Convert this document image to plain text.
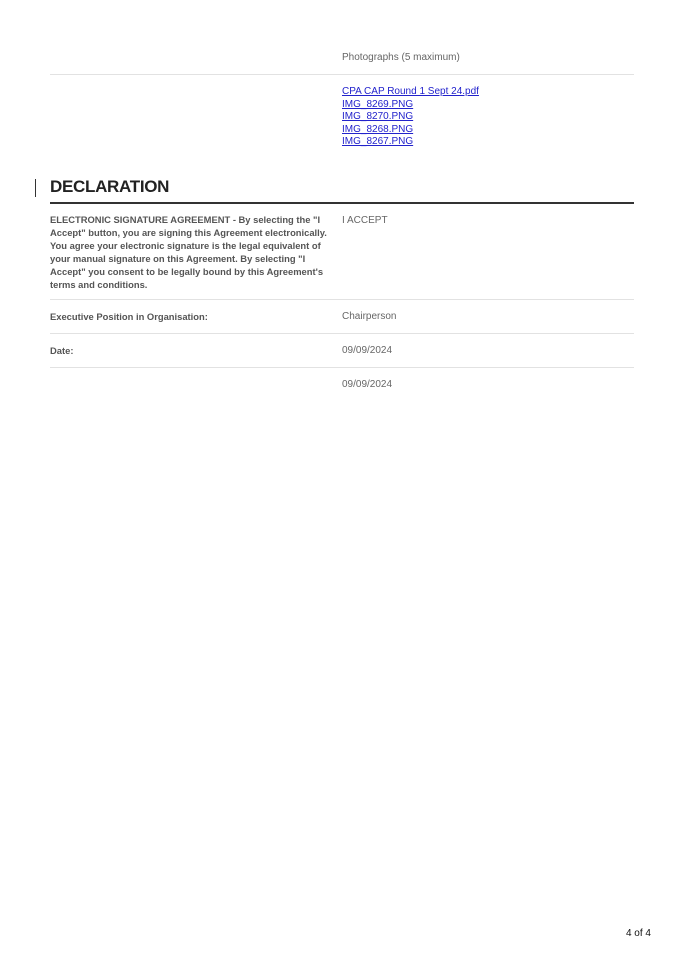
Photographs (5 maximum)
CPA CAP Round 1 Sept 24.pdf
IMG_8269.PNG
IMG_8270.PNG
IMG_8268.PNG
IMG_8267.PNG
DECLARATION
ELECTRONIC SIGNATURE AGREEMENT - By selecting the "I Accept" button, you are signing this Agreement electronically. You agree your electronic signature is the legal equivalent of your manual signature on this Agreement. By selecting "I Accept" you consent to be legally bound by this Agreement's terms and conditions.
I ACCEPT
Executive Position in Organisation:	Chairperson
Date:	09/09/2024
09/09/2024
4 of 4
